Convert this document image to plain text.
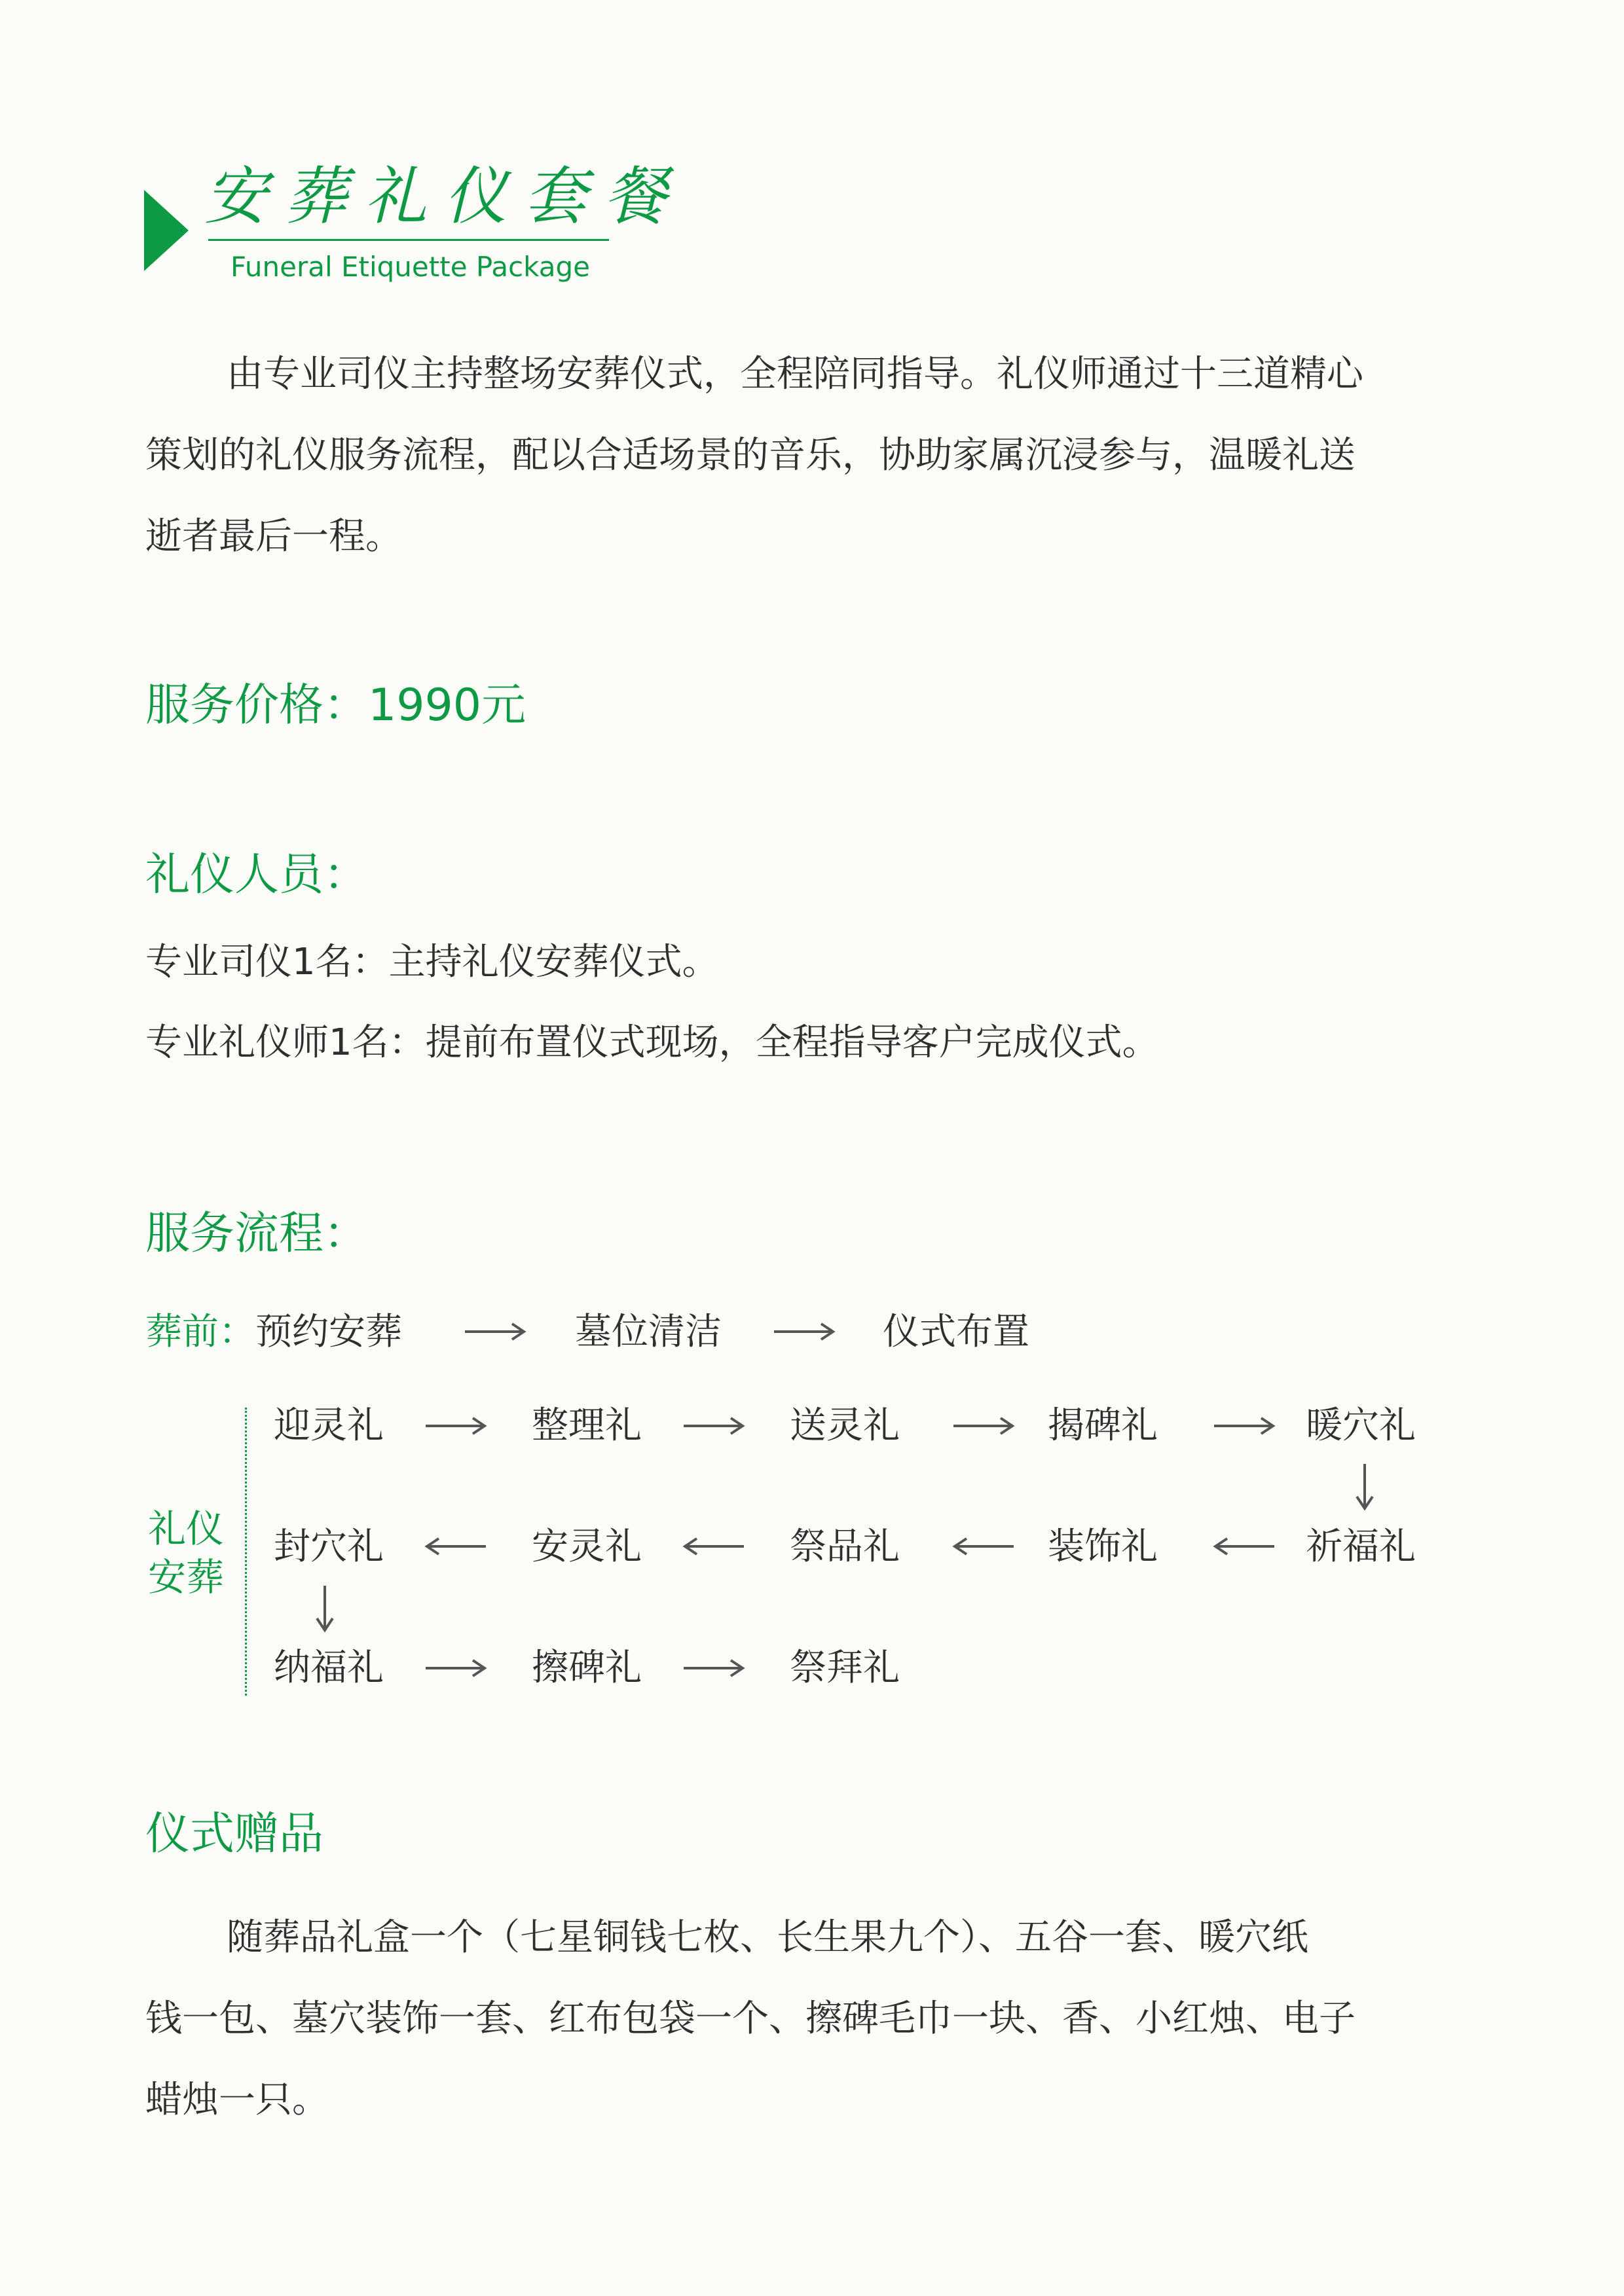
安葬礼仪套餐
Funeral Etiquette Package
由专业司仪主持整场安葬仪式，全程陪同指导。礼仪师通过十三道精心
策划的礼仪服务流程，配以合适场景的音乐，协助家属沉浸参与，温暖礼送
逝者最后一程。
服务价格：1990元
礼仪人员：
专业司仪1名：主持礼仪安葬仪式。
专业礼仪师1名：提前布置仪式现场，全程指导客户完成仪式。
服务流程：
葬前：预约安葬	墓位清洁	仪式布置
礼仪
安葬
迎灵礼	整理礼	送灵礼	揭碑礼	暖穴礼
封穴礼	安灵礼	祭品礼	装饰礼	祈福礼
纳福礼	擦碑礼	祭拜礼
仪式赠品
随葬品礼盒一个（七星铜钱七枚、长生果九个）、五谷一套、暖穴纸
钱一包、墓穴装饰一套、红布包袋一个、擦碑毛巾一块、香、小红烛、电子
蜡烛一只。
